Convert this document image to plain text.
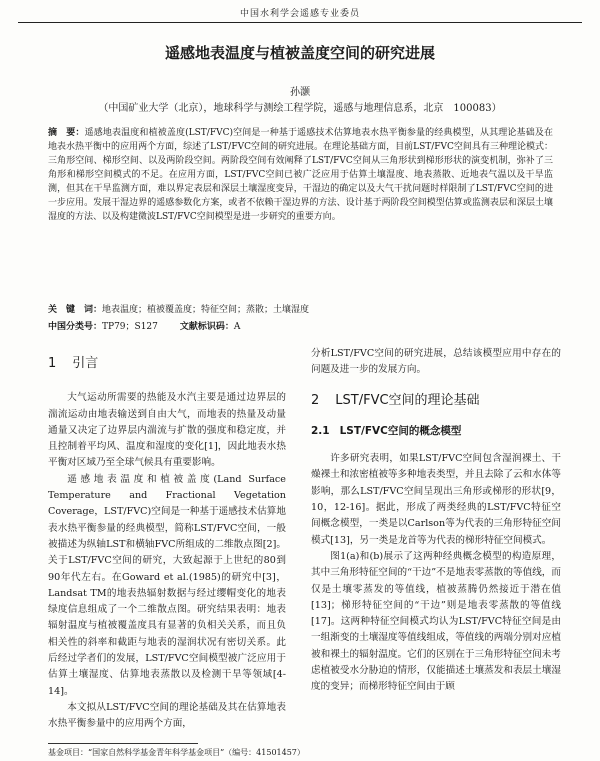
中国水利学会遥感专业委员
遥感地表温度与植被盖度空间的研究进展
孙灏
（中国矿业大学（北京），地球科学与测绘工程学院，遥感与地理信息系，北京　100083）
摘　要：遥感地表温度和植被盖度(LST/FVC)空间是一种基于遥感技术估算地表水热平衡参量的经典模型，从其理论基础及在地表水热平衡中的应用两个方面，综述了LST/FVC空间的研究进展。在理论基础方面，目前LST/FVC空间具有三种理论模式：三角形空间、梯形空间、以及两阶段空间。两阶段空间有效阐释了LST/FVC空间从三角形状到梯形形状的演变机制，弥补了三角形和梯形空间模式的不足。在应用方面，LST/FVC空间已被广泛应用于估算土壤湿度、地表蒸散、近地表气温以及干旱监测，但其在干旱监测方面，难以界定表层和深层土壤湿度变异，干湿边的确定以及大气干扰问题时样限制了LST/FVC空间的进一步应用。发展干湿边界的遥感参数化方案，或者不依赖干湿边界的方法、设计基于两阶段空间模型估算或监测表层和深层土壤湿度的方法、以及构建微波LST/FVC空间模型是进一步研究的重要方向。
关　键　词：地表温度；植被覆盖度；特征空间；蒸散；土壤湿度
中国分类号：TP79；S127 文献标识码：A
1 引言

大气运动所需要的热能及水汽主要是通过边界层的湍流运动由地表输送到自由大气，而地表的热量及动量通量又决定了边界层内湍流与扩散的强度和稳定度，并且控制着平均风、温度和湿度的变化[1]，因此地表水热平衡对区域乃至全球气候具有重要影响。

遥感地表温度和植被盖度(Land Surface Temperature and Fractional Vegetation Coverage，LST/FVC)空间是一种基于遥感技术估算地表水热平衡参量的经典模型，简称LST/FVC空间，一般被描述为纵轴LST和横轴FVC所组成的二维散点图[2]。关于LST/FVC空间的研究，大致起源于上世纪的80到90年代左右。在Goward et al.(1985)的研究中[3]，Landsat TM的地表热辐射数据与经过缨帽变化的地表绿度信息组成了一个二维散点图。研究结果表明：地表辐射温度与植被覆盖度具有显著的负相关关系，而且负相关性的斜率和截距与地表的湿润状况有密切关系。此后经过学者们的发展，LST/FVC空间模型被广泛应用于估算土壤湿度、估算地表蒸散以及检测干旱等领域[4-14]。

本文拟从LST/FVC空间的理论基础及其在估算地表水热平衡参量中的应用两个方面，

分析LST/FVC空间的研究进展，总结该模型应用中存在的问题及进一步的发展方向。

2 LST/FVC空间的理论基础
2.1 LST/FVC空间的概念模型

许多研究表明，如果LST/FVC空间包含湿润裸土、干燥裸土和浓密植被等多种地表类型，并且去除了云和水体等影响，那么LST/FVC空间呈现出三角形或梯形的形状[9，10，12-16]。据此，形成了两类经典的LST/FVC特征空间概念模型，一类是以Carlson等为代表的三角形特征空间模式[13]，另一类是龙首等为代表的梯形特征空间模式。

图1(a)和(b)展示了这两种经典概念模型的构造原理，其中三角形特征空间的“干边”不是地表零蒸散的等值线，而仅是土壤零蒸发的等值线，植被蒸腾仍然接近于潜在值[13]；梯形特征空间的“干边”则是地表零蒸散的等值线[17]。这两种特征空间模式均认为LST/FVC特征空间是由一组渐变的土壤湿度等值线组成，等值线的两端分别对应植被和裸土的辐射温度。它们的区别在于三角形特征空间未考虑植被受水分胁迫的情形，仅能描述土壤蒸发和表层土壤湿度的变异；而梯形特征空间由于顾

基金项目：“国家自然科学基金青年科学基金项目”（编号：41501457）
